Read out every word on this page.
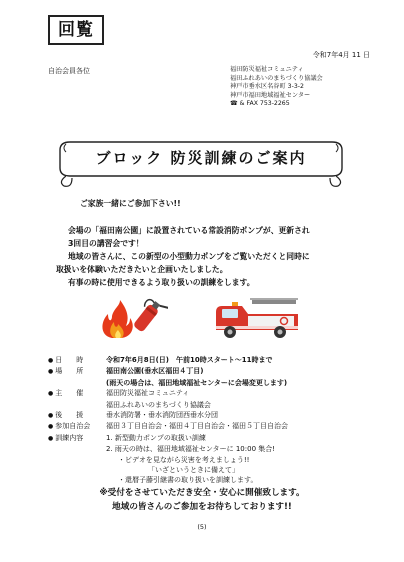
回覧
令和7年4月 11 日
自治会員各位	福田防災福祉コミュニティ
福田ふれあいのまちづくり協議会
神戸市垂水区名谷町 3-3-2
神戸市福田地域福祉センター
☎ & FAX 753-2265
ブロック 防災訓練のご案内
ご家族一緒にご参加下さい!!
会場の「福田南公園」に設置されている常設消防ポンプが、更新され
3回目の講習会です！
地域の皆さんに、この新型の小型動力ポンプをご覧いただくと同時に
取扱いを体験いただきたいと企画いたしました。
有事の時に使用できるよう取り扱いの訓練をします。
● 日　　時	令和7年6月8日(日)　午前10時スタート〜11時まで
● 場　　所	福田南公園(垂水区福田４丁目)
(雨天の場合は、福田地域福祉センターに会場変更します)
● 主　　催	福田防災福祉コミュニティ
福田ふれあいのまちづくり協議会
● 後　　援	垂水消防署・垂水消防団西垂水分団
● 参加自治会	福田３丁目自治会・福田４丁目自治会・福田５丁目自治会
● 訓練内容	1. 新型動力ポンプの取扱い訓練
2. 雨天の時は、福田地域福祉センターに 10:00 集合!
・ビデオを見ながら災害を考えましょう!!
「いざというときに備えて」
・還暦子藤引継書の取り扱いを訓練します。
※受付をさせていただき安全・安心に開催致します。
地域の皆さんのご参加をお待ちしております!!
(5)
